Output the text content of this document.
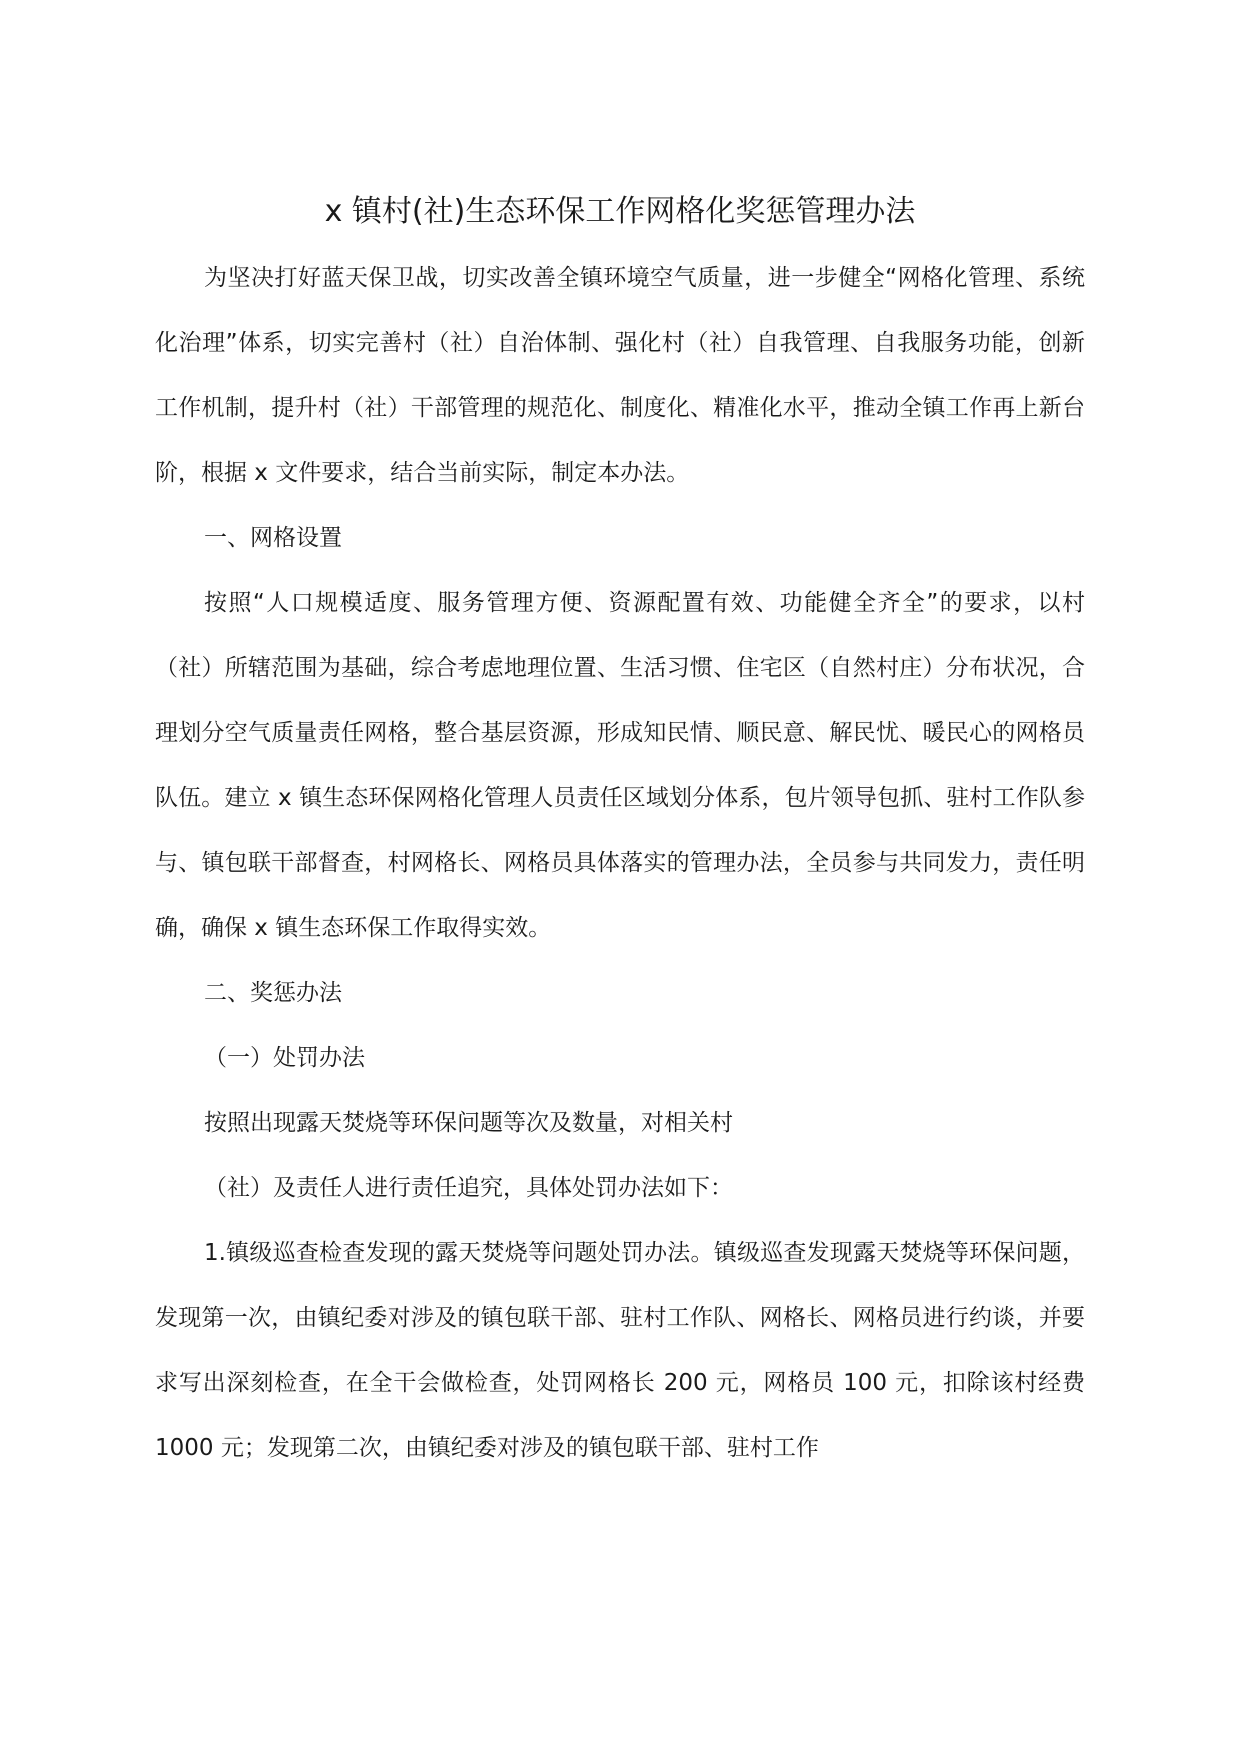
x 镇村(社)生态环保工作网格化奖惩管理办法

为坚决打好蓝天保卫战，切实改善全镇环境空气质量，进一步健全“网格化管理、系统化治理”体系，切实完善村（社）自治体制、强化村（社）自我管理、自我服务功能，创新工作机制，提升村（社）干部管理的规范化、制度化、精准化水平，推动全镇工作再上新台阶，根据 x 文件要求，结合当前实际，制定本办法。

一、网格设置

按照“人口规模适度、服务管理方便、资源配置有效、功能健全齐全”的要求，以村（社）所辖范围为基础，综合考虑地理位置、生活习惯、住宅区（自然村庄）分布状况，合理划分空气质量责任网格，整合基层资源，形成知民情、顺民意、解民忧、暖民心的网格员队伍。建立 x 镇生态环保网格化管理人员责任区域划分体系，包片领导包抓、驻村工作队参与、镇包联干部督查，村网格长、网格员具体落实的管理办法，全员参与共同发力，责任明确，确保 x 镇生态环保工作取得实效。

二、奖惩办法

（一）处罚办法

按照出现露天焚烧等环保问题等次及数量，对相关村

（社）及责任人进行责任追究，具体处罚办法如下：

1.镇级巡查检查发现的露天焚烧等问题处罚办法。镇级巡查发现露天焚烧等环保问题，发现第一次，由镇纪委对涉及的镇包联干部、驻村工作队、网格长、网格员进行约谈，并要求写出深刻检查，在全干会做检查，处罚网格长 200 元，网格员 100 元，扣除该村经费 1000 元；发现第二次，由镇纪委对涉及的镇包联干部、驻村工作
